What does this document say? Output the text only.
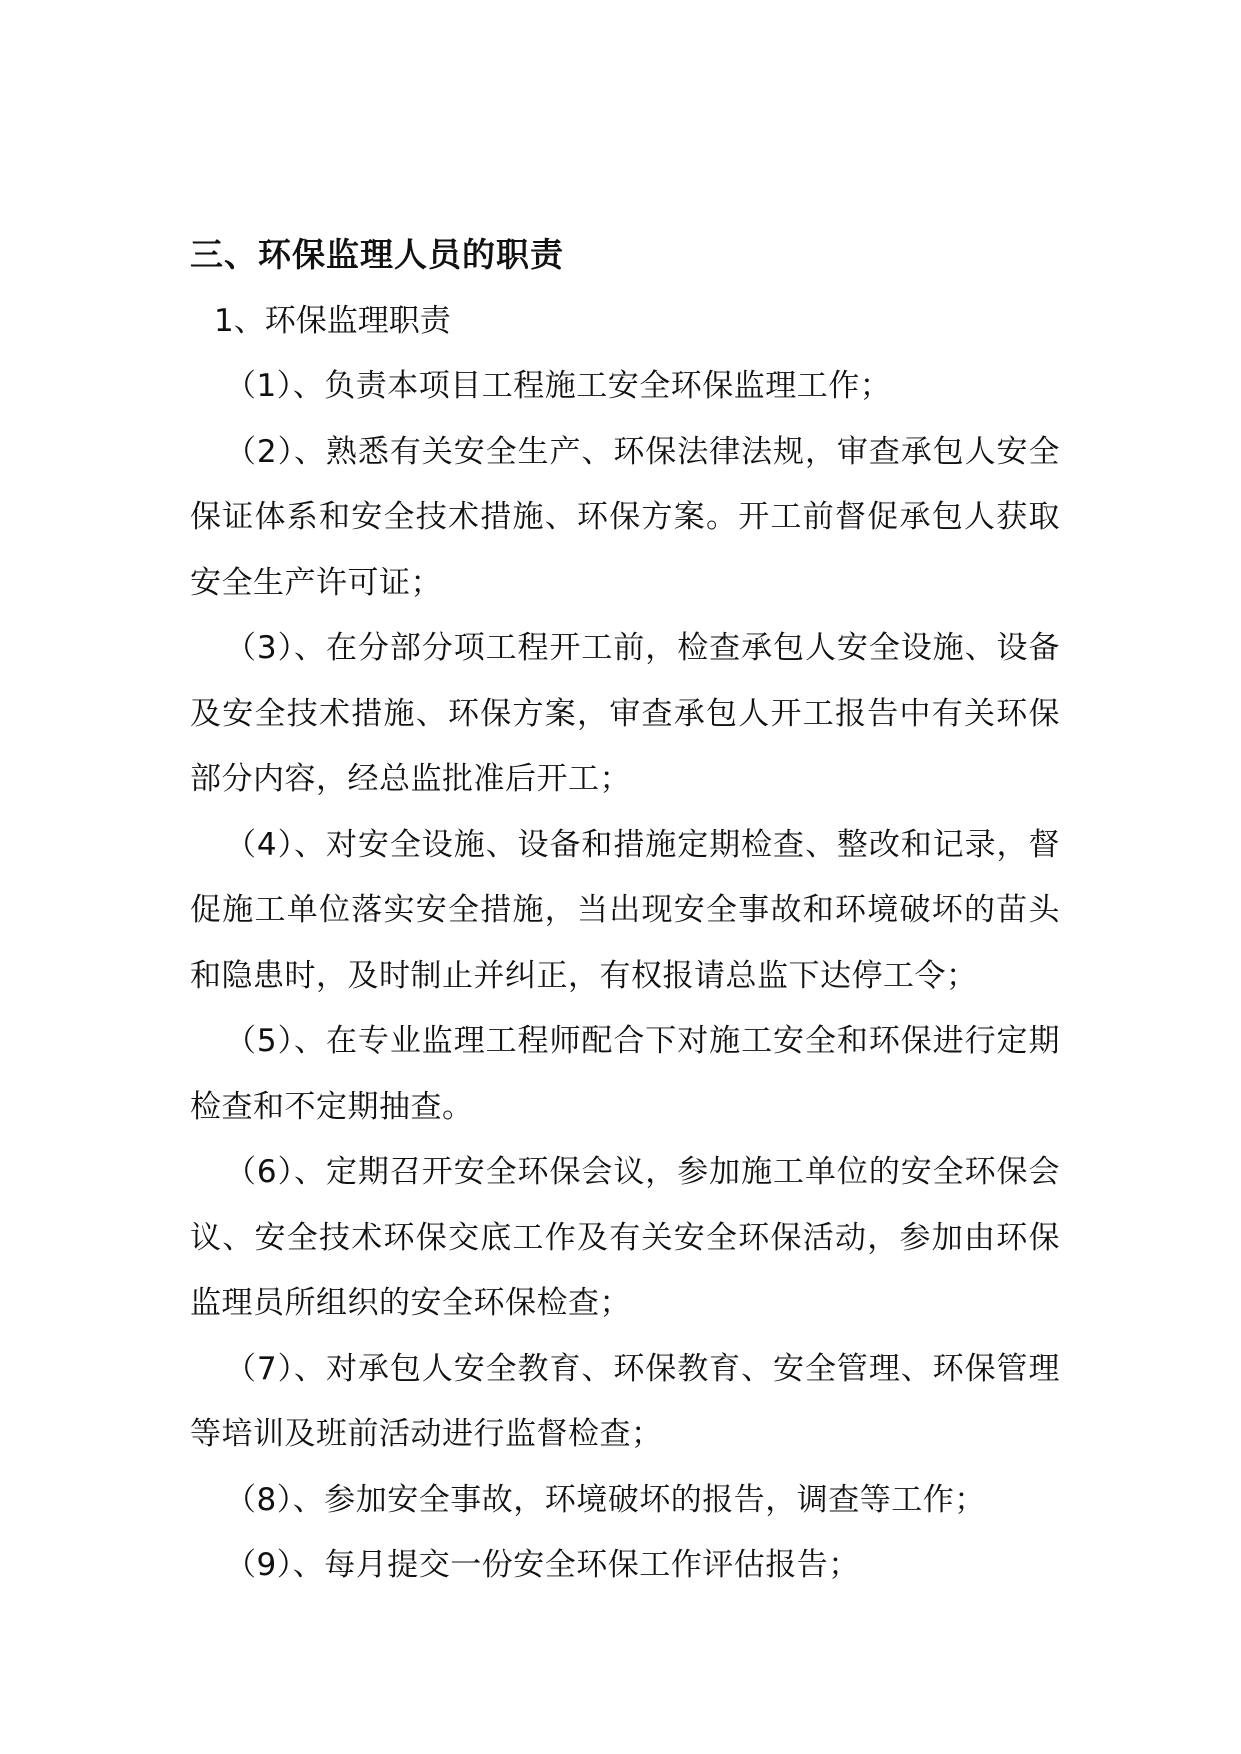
三、环保监理人员的职责

1、环保监理职责

（1）、负责本项目工程施工安全环保监理工作；

（2）、熟悉有关安全生产、环保法律法规，审查承包人安全保证体系和安全技术措施、环保方案。开工前督促承包人获取安全生产许可证；

（3）、在分部分项工程开工前，检查承包人安全设施、设备及安全技术措施、环保方案，审查承包人开工报告中有关环保部分内容，经总监批准后开工；

（4）、对安全设施、设备和措施定期检查、整改和记录，督促施工单位落实安全措施，当出现安全事故和环境破坏的苗头和隐患时，及时制止并纠正，有权报请总监下达停工令；

（5）、在专业监理工程师配合下对施工安全和环保进行定期检查和不定期抽查。

（6）、定期召开安全环保会议，参加施工单位的安全环保会议、安全技术环保交底工作及有关安全环保活动，参加由环保监理员所组织的安全环保检查；

（7）、对承包人安全教育、环保教育、安全管理、环保管理等培训及班前活动进行监督检查；

（8）、参加安全事故，环境破坏的报告，调查等工作；

（9）、每月提交一份安全环保工作评估报告；
